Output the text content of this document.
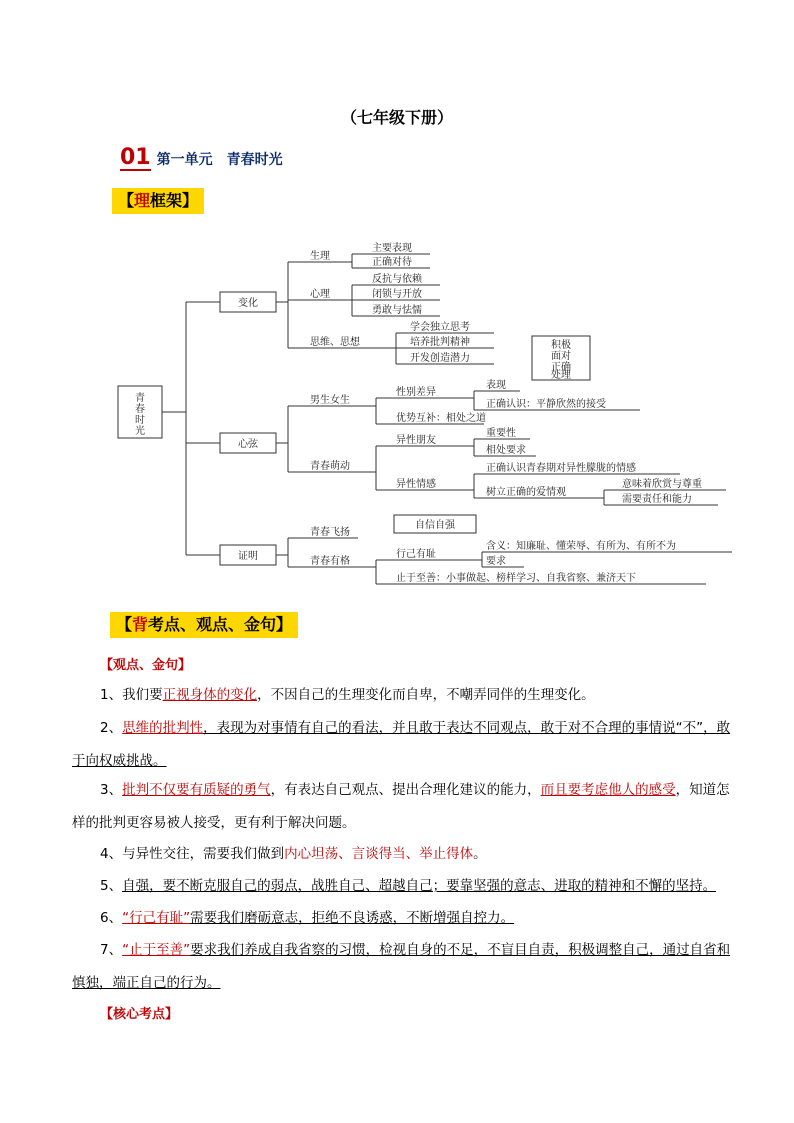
（七年级下册）
01 第一单元 青春时光
【理框架】
青
春
时
光
变化
心弦
证明
生理
主要表现
正确对待
心理
反抗与依赖
闭锁与开放
勇敢与怯懦
思维、思想
学会独立思考
培养批判精神
开发创造潜力
积极
面对
正确
处理
男生女生
性别差异
表现
正确认识：平静欣然的接受
优势互补：相处之道
青春萌动
异性朋友
重要性
相处要求
异性情感
正确认识青春期对异性朦胧的情感
树立正确的爱情观
意味着欣赏与尊重
需要责任和能力
青春飞扬
自信自强
青春有格
行己有耻
含义：知廉耻、懂荣辱、有所为、有所不为
要求
止于至善：小事做起、榜样学习、自我省察、兼济天下
【背考点、观点、金句】
【观点、金句】
1、我们要正视身体的变化，不因自己的生理变化而自卑，不嘲弄同伴的生理变化。
2、思维的批判性，表现为对事情有自己的看法，并且敢于表达不同观点，敢于对不合理的事情说“不”，敢于向权威挑战。
3、批判不仅要有质疑的勇气，有表达自己观点、提出合理化建议的能力，而且要考虑他人的感受，知道怎样的批判更容易被人接受，更有利于解决问题。
4、与异性交往，需要我们做到内心坦荡、言谈得当、举止得体。
5、自强，要不断克服自己的弱点，战胜自己、超越自己；要靠坚强的意志、进取的精神和不懈的坚持。
6、“行己有耻”需要我们磨砺意志，拒绝不良诱惑，不断增强自控力。
7、“止于至善”要求我们养成自我省察的习惯，检视自身的不足，不盲目自责，积极调整自己，通过自省和慎独，端正自己的行为。
【核心考点】
